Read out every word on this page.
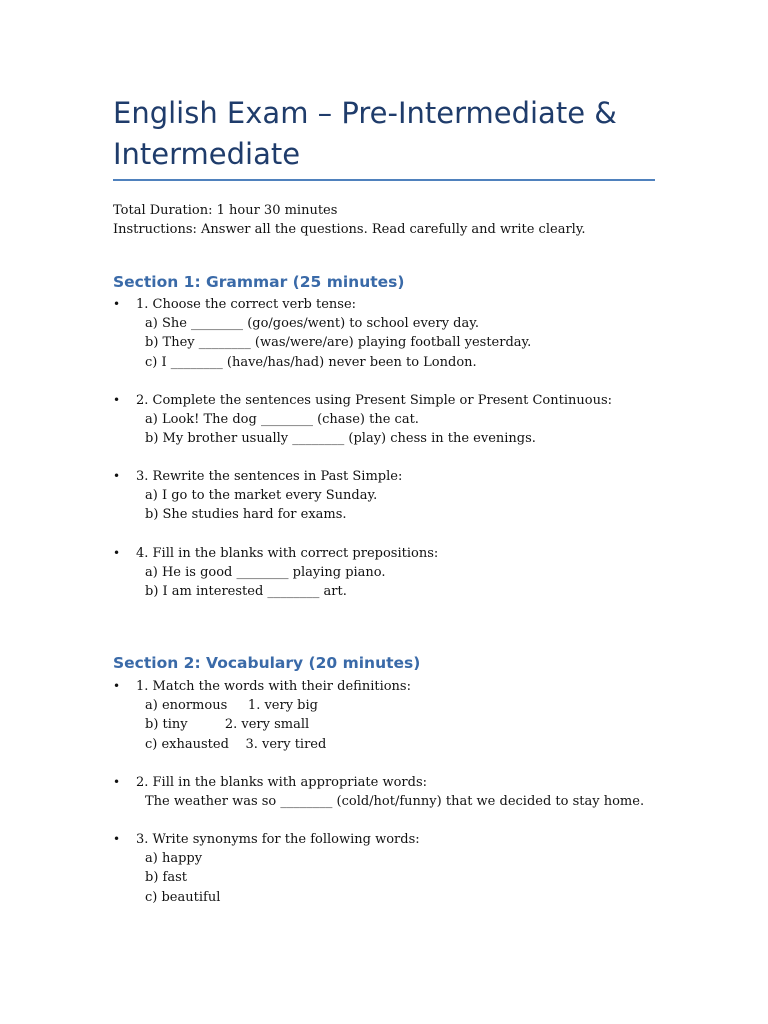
English Exam – Pre-Intermediate & Intermediate
Total Duration: 1 hour 30 minutes
Instructions: Answer all the questions. Read carefully and write clearly.
Section 1: Grammar (25 minutes)
• 1. Choose the correct verb tense:
a) She ________ (go/goes/went) to school every day.
b) They ________ (was/were/are) playing football yesterday.
c) I ________ (have/has/had) never been to London.
• 2. Complete the sentences using Present Simple or Present Continuous:
a) Look! The dog ________ (chase) the cat.
b) My brother usually ________ (play) chess in the evenings.
• 3. Rewrite the sentences in Past Simple:
a) I go to the market every Sunday.
b) She studies hard for exams.
• 4. Fill in the blanks with correct prepositions:
a) He is good ________ playing piano.
b) I am interested ________ art.
Section 2: Vocabulary (20 minutes)
• 1. Match the words with their definitions:
a) enormous     1. very big
b) tiny         2. very small
c) exhausted    3. very tired
• 2. Fill in the blanks with appropriate words:
The weather was so ________ (cold/hot/funny) that we decided to stay home.
• 3. Write synonyms for the following words:
a) happy
b) fast
c) beautiful
